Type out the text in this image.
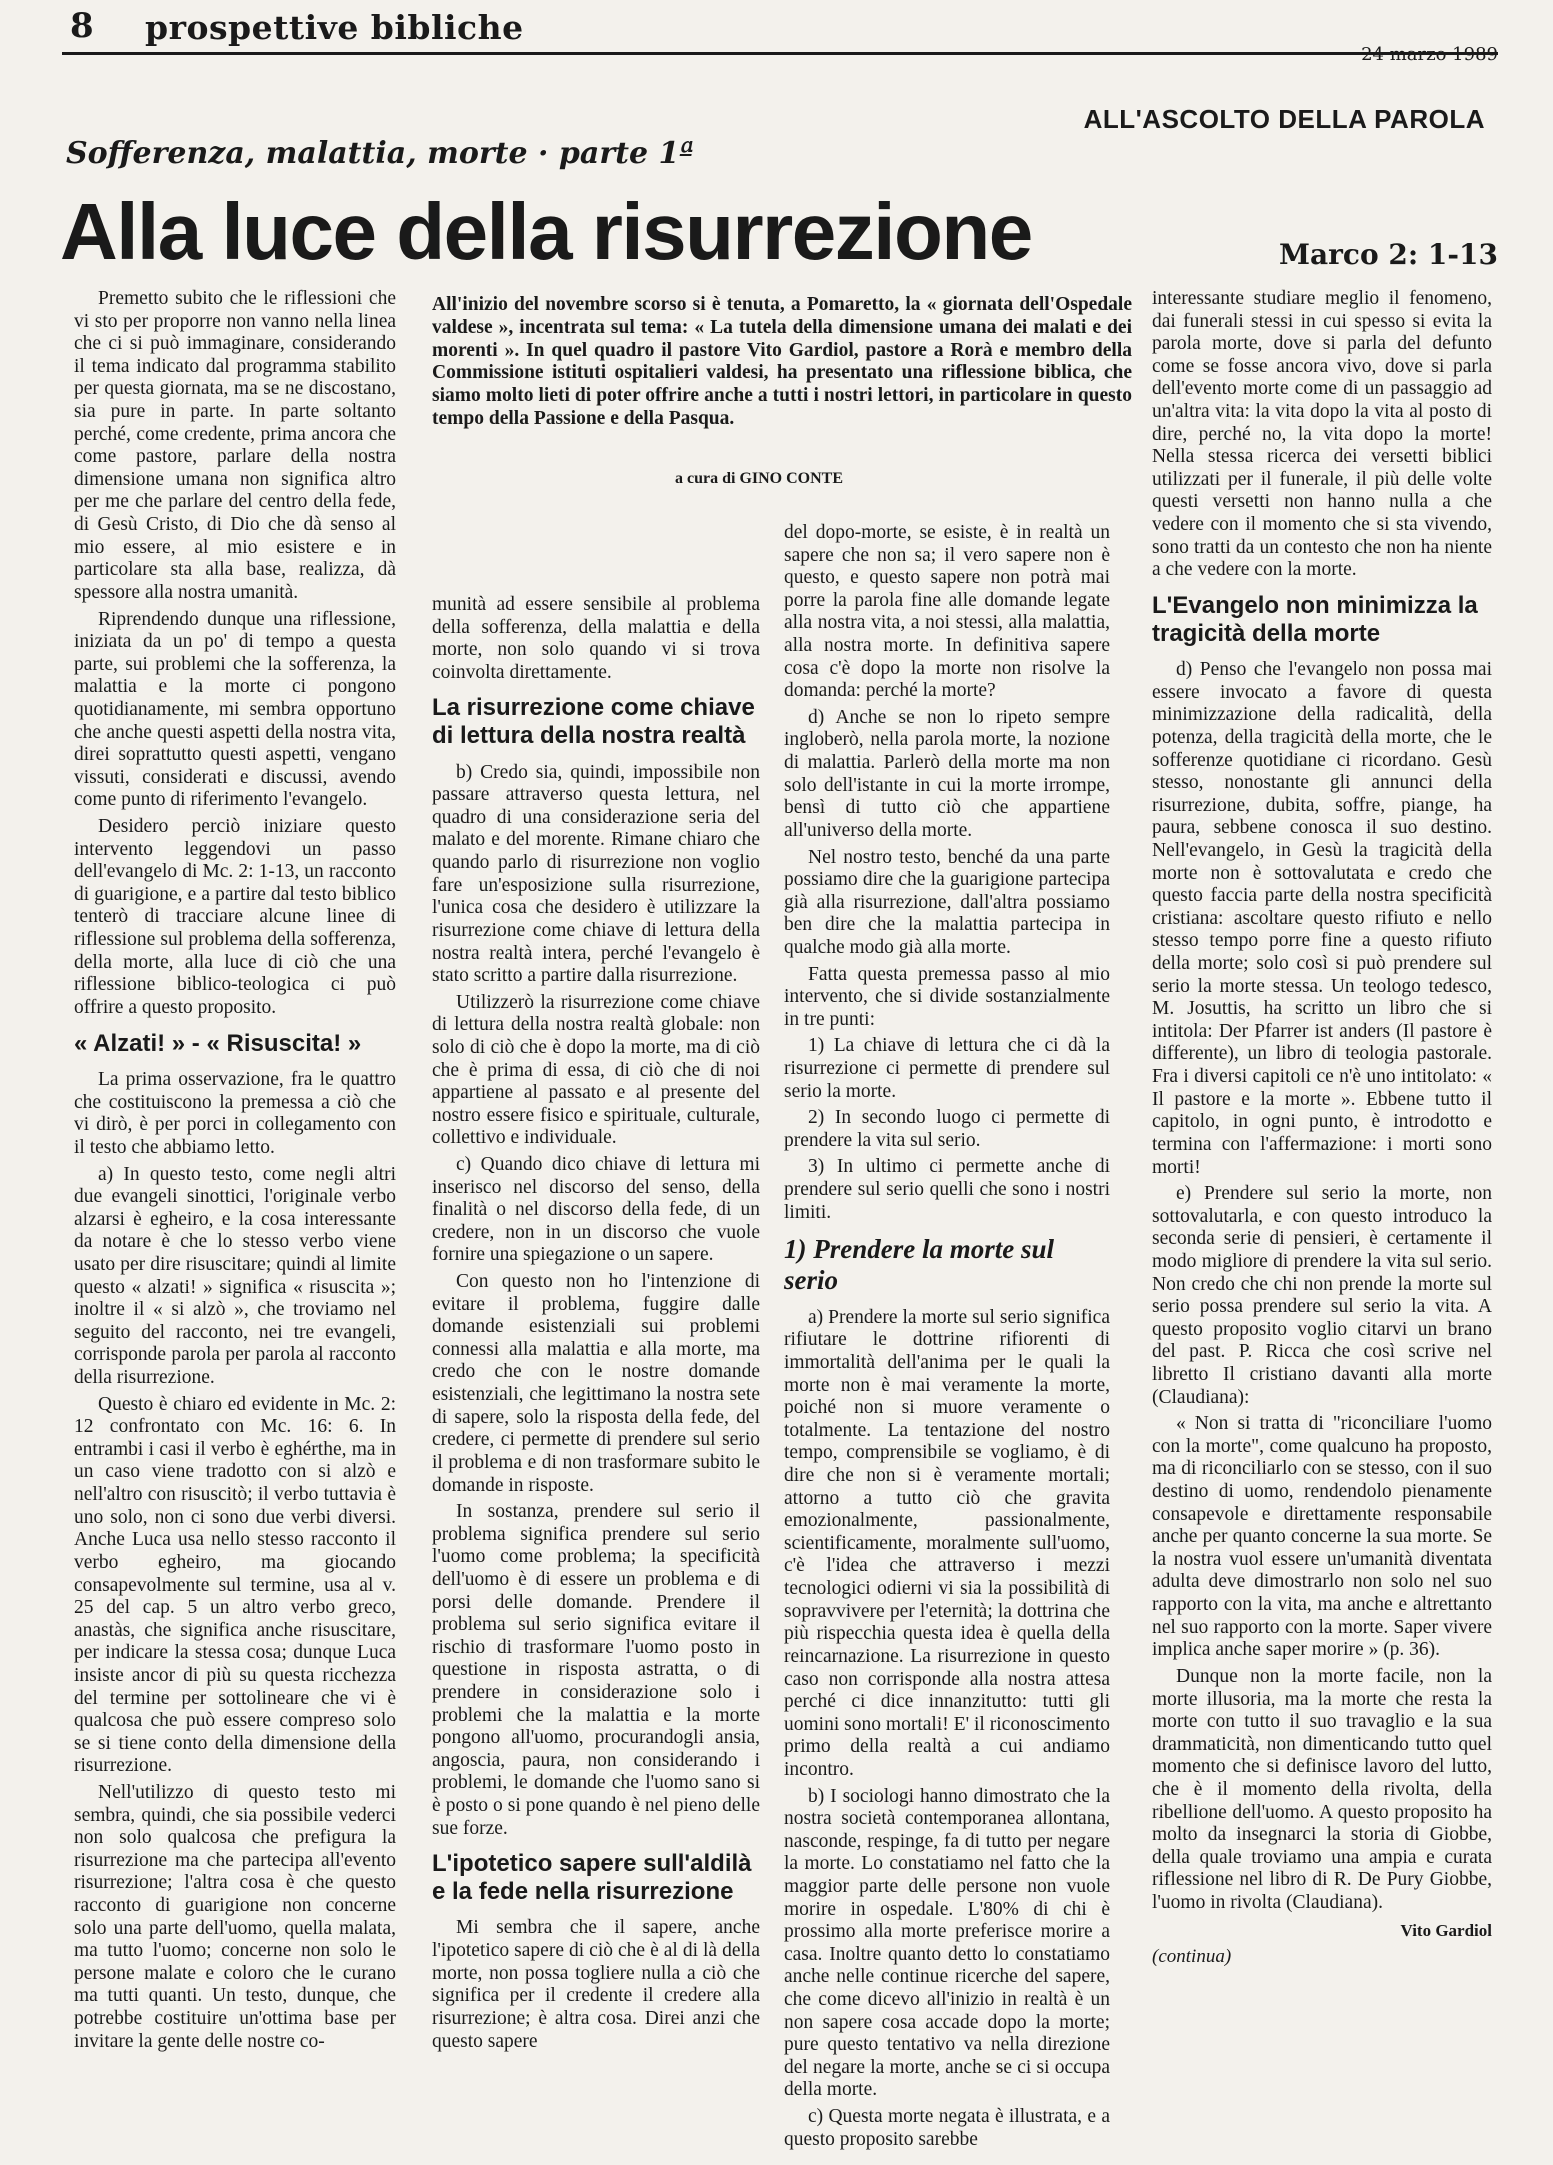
8 prospettive bibliche
ALL'ASCOLTO DELLA PAROLA
Sofferenza, malattia, morte · parte 1ª
Alla luce della risurrezione	Marco 2: 1-13

Premetto subito che le riflessioni che vi sto per proporre non vanno nella linea che ci si può immaginare, considerando il tema indicato dal programma stabilito per questa giornata, ma se ne discostano, sia pure in parte. In parte soltanto perché, come credente, prima ancora che come pastore, parlare della nostra dimensione umana non significa altro per me che parlare del centro della fede, di Gesù Cristo, di Dio che dà senso al mio essere, al mio esistere e in particolare sta alla base, realizza, dà spessore alla nostra umanità.

Riprendendo dunque una riflessione, iniziata da un po' di tempo a questa parte, sui problemi che la sofferenza, la malattia e la morte ci pongono quotidianamente, mi sembra opportuno che anche questi aspetti della nostra vita, direi soprattutto questi aspetti, vengano vissuti, considerati e discussi, avendo come punto di riferimento l'evangelo.

Desidero perciò iniziare questo intervento leggendovi un passo dell'evangelo di Mc. 2: 1-13, un racconto di guarigione, e a partire dal testo biblico tenterò di tracciare alcune linee di riflessione sul problema della sofferenza, della morte, alla luce di ciò che una riflessione biblico-teologica ci può offrire a questo proposito.

« Alzati! » - « Risuscita! »

La prima osservazione, fra le quattro che costituiscono la premessa a ciò che vi dirò, è per porci in collegamento con il testo che abbiamo letto.

a) In questo testo, come negli altri due evangeli sinottici, l'originale verbo alzarsi è egheiro, e la cosa interessante da notare è che lo stesso verbo viene usato per dire risuscitare; quindi al limite questo « alzati! » significa « risuscita »; inoltre il « si alzò », che troviamo nel seguito del racconto, nei tre evangeli, corrisponde parola per parola al racconto della risurrezione.

Questo è chiaro ed evidente in Mc. 2: 12 confrontato con Mc. 16: 6. In entrambi i casi il verbo è eghérthe, ma in un caso viene tradotto con si alzò e nell'altro con risuscitò; il verbo tuttavia è uno solo, non ci sono due verbi diversi. Anche Luca usa nello stesso racconto il verbo egheiro, ma giocando consapevolmente sul termine, usa al v. 25 del cap. 5 un altro verbo greco, anastàs, che significa anche risuscitare, per indicare la stessa cosa; dunque Luca insiste ancor di più su questa ricchezza del termine per sottolineare che vi è qualcosa che può essere compreso solo se si tiene conto della dimensione della risurrezione.

Nell'utilizzo di questo testo mi sembra, quindi, che sia possibile vederci non solo qualcosa che prefigura la risurrezione ma che partecipa all'evento risurrezione; l'altra cosa è che questo racconto di guarigione non concerne solo una parte dell'uomo, quella malata, ma tutto l'uomo; concerne non solo le persone malate e coloro che le curano ma tutti quanti. Un testo, dunque, che potrebbe costituire un'ottima base per invitare la gente delle nostre co-

All'inizio del novembre scorso si è tenuta, a Pomaretto, la « giornata dell'Ospedale valdese », incentrata sul tema: « La tutela della dimensione umana dei malati e dei morenti ». In quel quadro il pastore Vito Gardiol, pastore a Rorà e membro della Commissione istituti ospitalieri valdesi, ha presentato una riflessione biblica, che siamo molto lieti di poter offrire anche a tutti i nostri lettori, in particolare in questo tempo della Passione e della Pasqua.
a cura di GINO CONTE

munità ad essere sensibile al problema della sofferenza, della malattia e della morte, non solo quando vi si trova coinvolta direttamente.

La risurrezione come chiave di lettura della nostra realtà

b) Credo sia, quindi, impossibile non passare attraverso questa lettura, nel quadro di una considerazione seria del malato e del morente. Rimane chiaro che quando parlo di risurrezione non voglio fare un'esposizione sulla risurrezione, l'unica cosa che desidero è utilizzare la risurrezione come chiave di lettura della nostra realtà intera, perché l'evangelo è stato scritto a partire dalla risurrezione.

Utilizzerò la risurrezione come chiave di lettura della nostra realtà globale: non solo di ciò che è dopo la morte, ma di ciò che è prima di essa, di ciò che di noi appartiene al passato e al presente del nostro essere fisico e spirituale, culturale, collettivo e individuale.

c) Quando dico chiave di lettura mi inserisco nel discorso del senso, della finalità o nel discorso della fede, di un credere, non in un discorso che vuole fornire una spiegazione o un sapere.

Con questo non ho l'intenzione di evitare il problema, fuggire dalle domande esistenziali sui problemi connessi alla malattia e alla morte, ma credo che con le nostre domande esistenziali, che legittimano la nostra sete di sapere, solo la risposta della fede, del credere, ci permette di prendere sul serio il problema e di non trasformare subito le domande in risposte.

In sostanza, prendere sul serio il problema significa prendere sul serio l'uomo come problema; la specificità dell'uomo è di essere un problema e di porsi delle domande. Prendere il problema sul serio significa evitare il rischio di trasformare l'uomo posto in questione in risposta astratta, o di prendere in considerazione solo i problemi che la malattia e la morte pongono all'uomo, procurandogli ansia, angoscia, paura, non considerando i problemi, le domande che l'uomo sano si è posto o si pone quando è nel pieno delle sue forze.

L'ipotetico sapere sull'aldilà e la fede nella risurrezione

Mi sembra che il sapere, anche l'ipotetico sapere di ciò che è al di là della morte, non possa togliere nulla a ciò che significa per il credente il credere alla risurrezione; è altra cosa. Direi anzi che questo sapere

del dopo-morte, se esiste, è in realtà un sapere che non sa; il vero sapere non è questo, e questo sapere non potrà mai porre la parola fine alle domande legate alla nostra vita, a noi stessi, alla malattia, alla nostra morte. In definitiva sapere cosa c'è dopo la morte non risolve la domanda: perché la morte?

d) Anche se non lo ripeto sempre ingloberò, nella parola morte, la nozione di malattia. Parlerò della morte ma non solo dell'istante in cui la morte irrompe, bensì di tutto ciò che appartiene all'universo della morte.

Nel nostro testo, benché da una parte possiamo dire che la guarigione partecipa già alla risurrezione, dall'altra possiamo ben dire che la malattia partecipa in qualche modo già alla morte.

Fatta questa premessa passo al mio intervento, che si divide sostanzialmente in tre punti:

1) La chiave di lettura che ci dà la risurrezione ci permette di prendere sul serio la morte.

2) In secondo luogo ci permette di prendere la vita sul serio.

3) In ultimo ci permette anche di prendere sul serio quelli che sono i nostri limiti.

1) Prendere la morte sul serio

a) Prendere la morte sul serio significa rifiutare le dottrine rifiorenti di immortalità dell'anima per le quali la morte non è mai veramente la morte, poiché non si muore veramente o totalmente. La tentazione del nostro tempo, comprensibile se vogliamo, è di dire che non si è veramente mortali; attorno a tutto ciò che gravita emozionalmente, passionalmente, scientificamente, moralmente sull'uomo, c'è l'idea che attraverso i mezzi tecnologici odierni vi sia la possibilità di sopravvivere per l'eternità; la dottrina che più rispecchia questa idea è quella della reincarnazione. La risurrezione in questo caso non corrisponde alla nostra attesa perché ci dice innanzitutto: tutti gli uomini sono mortali! E' il riconoscimento primo della realtà a cui andiamo incontro.

b) I sociologi hanno dimostrato che la nostra società contemporanea allontana, nasconde, respinge, fa di tutto per negare la morte. Lo constatiamo nel fatto che la maggior parte delle persone non vuole morire in ospedale. L'80% di chi è prossimo alla morte preferisce morire a casa. Inoltre quanto detto lo constatiamo anche nelle continue ricerche del sapere, che come dicevo all'inizio in realtà è un non sapere cosa accade dopo la morte; pure questo tentativo va nella direzione del negare la morte, anche se ci si occupa della morte.

c) Questa morte negata è illustrata, e a questo proposito sarebbe

interessante studiare meglio il fenomeno, dai funerali stessi in cui spesso si evita la parola morte, dove si parla del defunto come se fosse ancora vivo, dove si parla dell'evento morte come di un passaggio ad un'altra vita: la vita dopo la vita al posto di dire, perché no, la vita dopo la morte! Nella stessa ricerca dei versetti biblici utilizzati per il funerale, il più delle volte questi versetti non hanno nulla a che vedere con il momento che si sta vivendo, sono tratti da un contesto che non ha niente a che vedere con la morte.

L'Evangelo non minimizza la tragicità della morte

d) Penso che l'evangelo non possa mai essere invocato a favore di questa minimizzazione della radicalità, della potenza, della tragicità della morte, che le sofferenze quotidiane ci ricordano. Gesù stesso, nonostante gli annunci della risurrezione, dubita, soffre, piange, ha paura, sebbene conosca il suo destino. Nell'evangelo, in Gesù la tragicità della morte non è sottovalutata e credo che questo faccia parte della nostra specificità cristiana: ascoltare questo rifiuto e nello stesso tempo porre fine a questo rifiuto della morte; solo così si può prendere sul serio la morte stessa. Un teologo tedesco, M. Josuttis, ha scritto un libro che si intitola: Der Pfarrer ist anders (Il pastore è differente), un libro di teologia pastorale. Fra i diversi capitoli ce n'è uno intitolato: « Il pastore e la morte ». Ebbene tutto il capitolo, in ogni punto, è introdotto e termina con l'affermazione: i morti sono morti!

e) Prendere sul serio la morte, non sottovalutarla, e con questo introduco la seconda serie di pensieri, è certamente il modo migliore di prendere la vita sul serio. Non credo che chi non prende la morte sul serio possa prendere sul serio la vita. A questo proposito voglio citarvi un brano del past. P. Ricca che così scrive nel libretto Il cristiano davanti alla morte (Claudiana):

« Non si tratta di "riconciliare l'uomo con la morte", come qualcuno ha proposto, ma di riconciliarlo con se stesso, con il suo destino di uomo, rendendolo pienamente consapevole e direttamente responsabile anche per quanto concerne la sua morte. Se la nostra vuol essere un'umanità diventata adulta deve dimostrarlo non solo nel suo rapporto con la vita, ma anche e altrettanto nel suo rapporto con la morte. Saper vivere implica anche saper morire » (p. 36).

Dunque non la morte facile, non la morte illusoria, ma la morte che resta la morte con tutto il suo travaglio e la sua drammaticità, non dimenticando tutto quel momento che si definisce lavoro del lutto, che è il momento della rivolta, della ribellione dell'uomo. A questo proposito ha molto da insegnarci la storia di Giobbe, della quale troviamo una ampia e curata riflessione nel libro di R. De Pury Giobbe, l'uomo in rivolta (Claudiana).

Vito Gardiol
(continua)
